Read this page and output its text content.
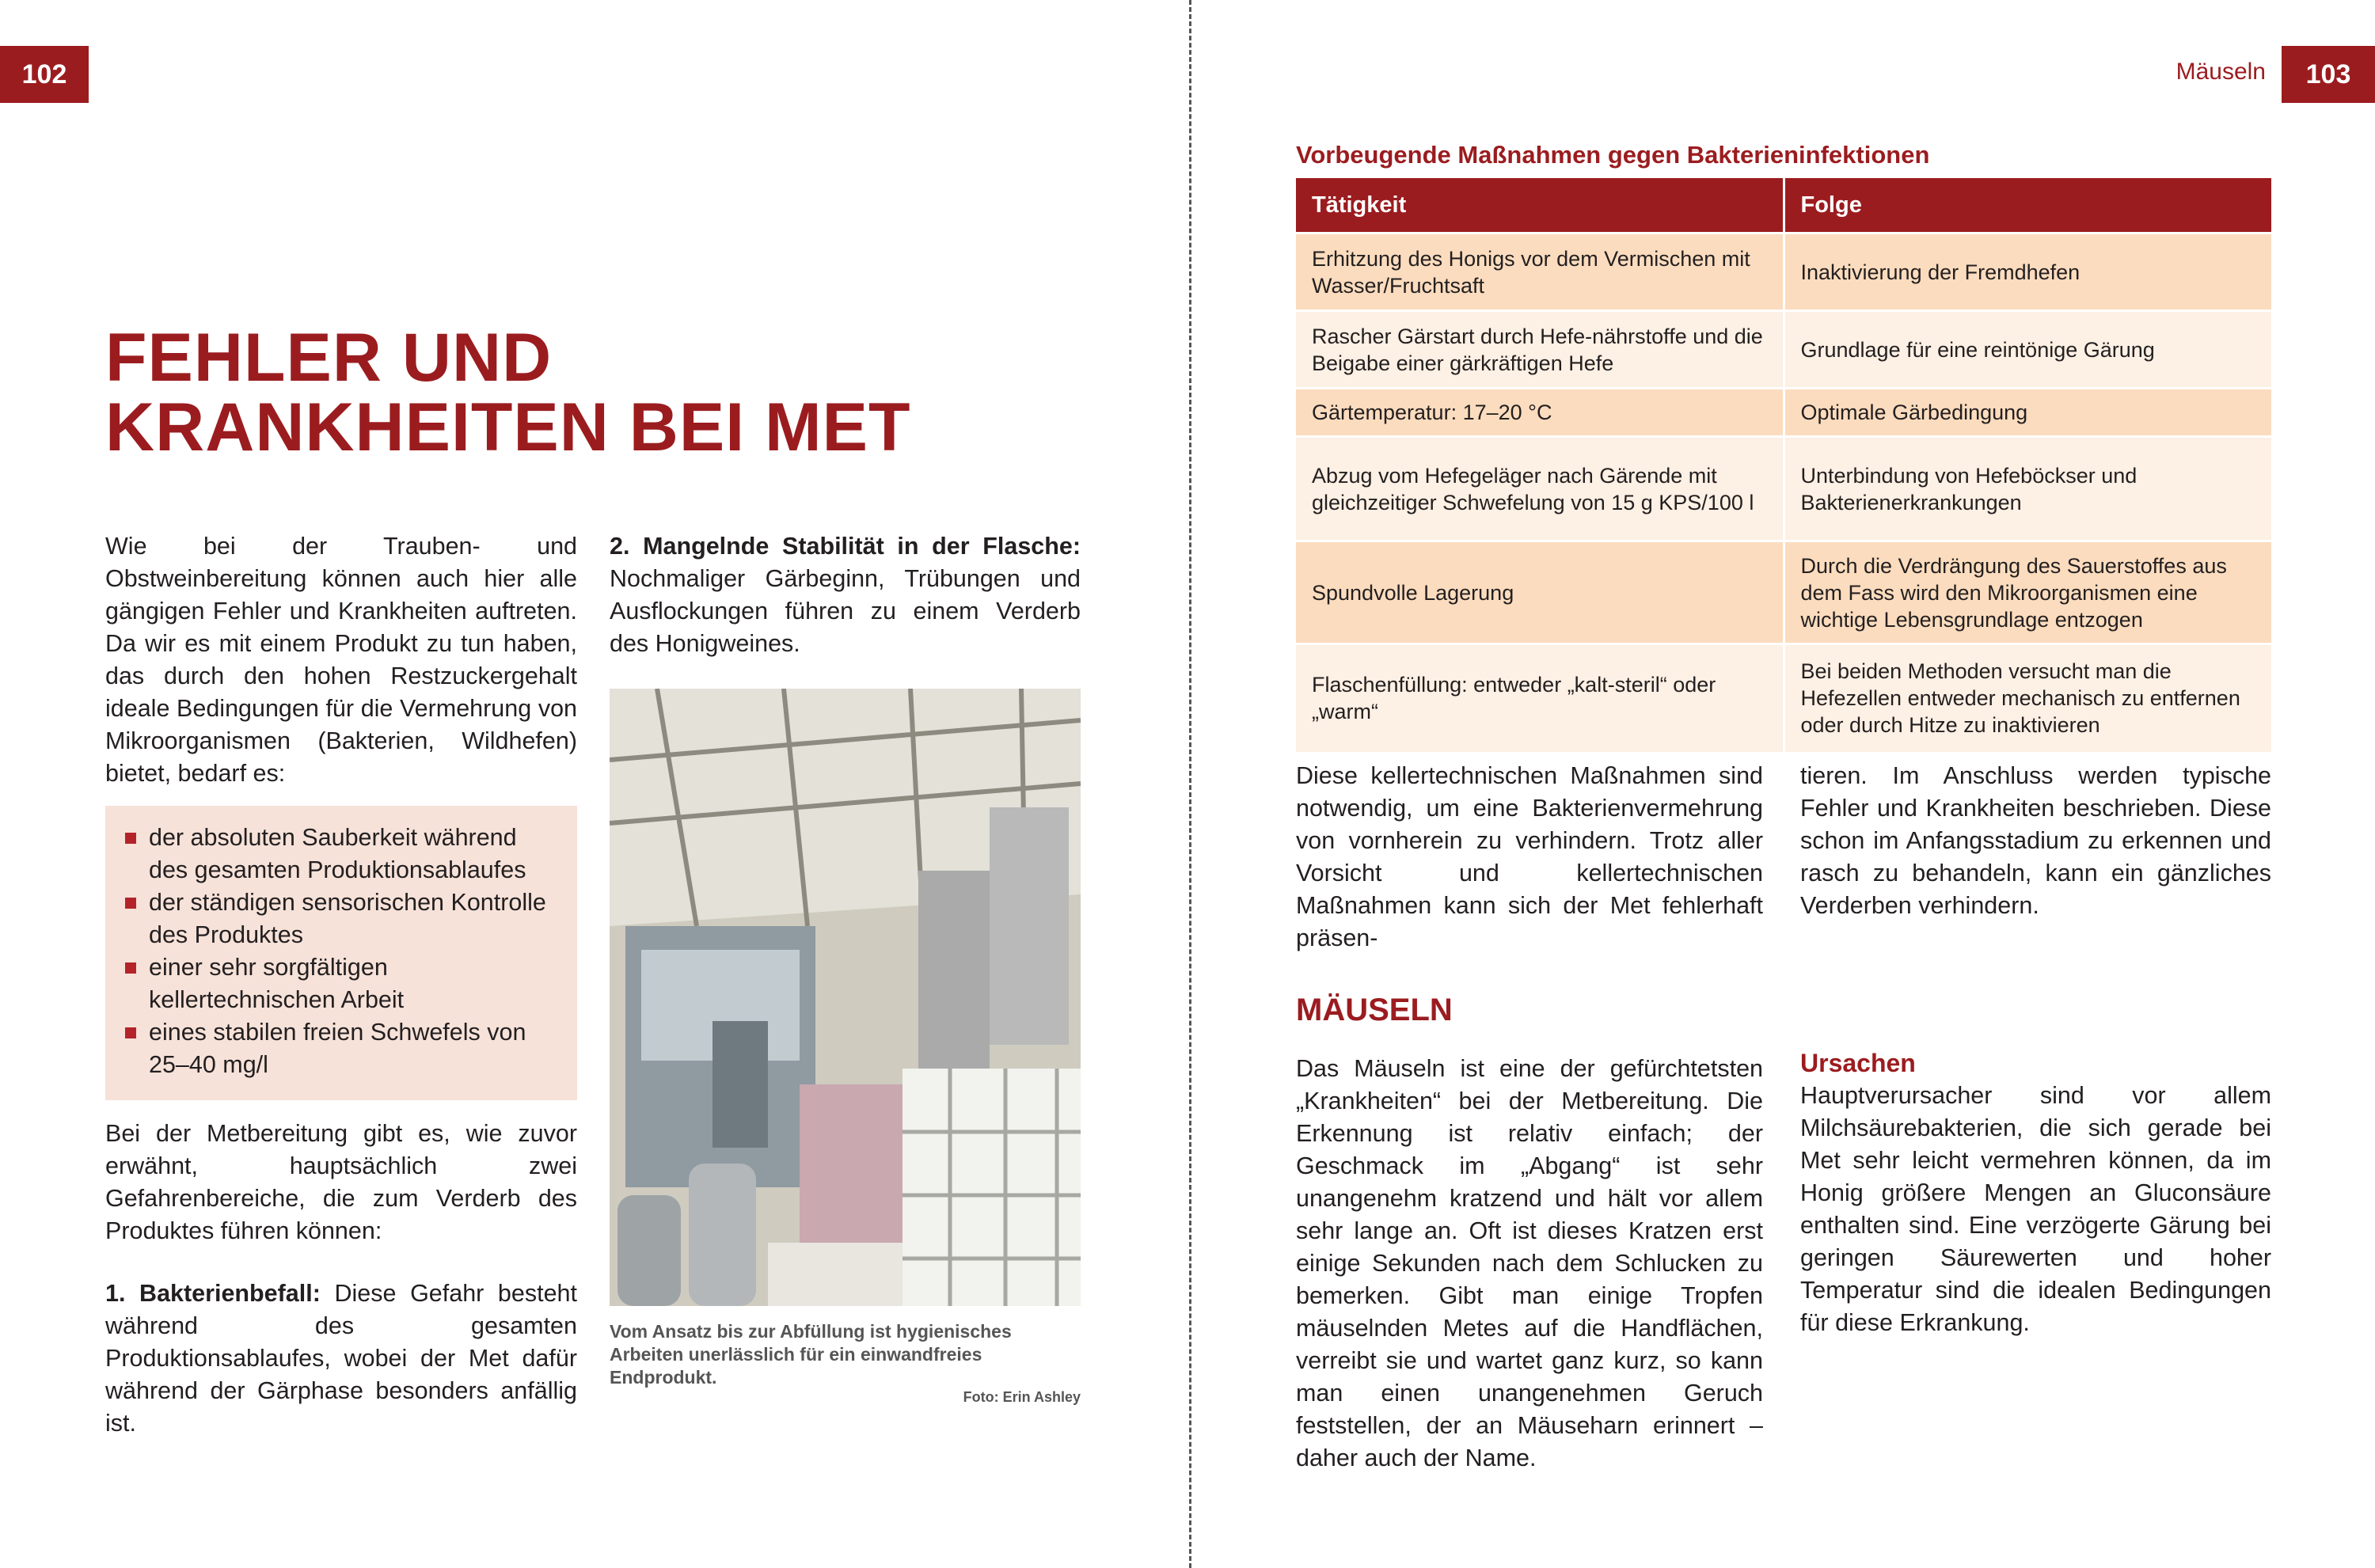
102
FEHLER UND
KRANKHEITEN BEI MET

Wie bei der Trauben- und Obstweinbereitung können auch hier alle gängigen Fehler und Krankheiten auftreten. Da wir es mit einem Produkt zu tun haben, das durch den hohen Restzuckergehalt ideale Bedingungen für die Vermehrung von Mikroorganismen (Bakterien, Wildhefen) bietet, bedarf es:

der absoluten Sauberkeit während des gesamten Produktionsablaufes
der ständigen sensorischen Kontrolle des Produktes
einer sehr sorgfältigen kellertechnischen Arbeit
eines stabilen freien Schwefels von 25–40 mg/l

Bei der Metbereitung gibt es, wie zuvor erwähnt, hauptsächlich zwei Gefahrenbereiche, die zum Verderb des Produktes führen können:

1. Bakterienbefall: Diese Gefahr besteht während des gesamten Produktionsablaufes, wobei der Met dafür während der Gärphase besonders anfällig ist.

2. Mangelnde Stabilität in der Flasche: Nochmaliger Gärbeginn, Trübungen und Ausflockungen führen zu einem Verderb des Honigweines.

Vom Ansatz bis zur Abfüllung ist hygienisches Arbeiten unerlässlich für ein einwandfreies Endprodukt.
Foto: Erin Ashley
Mäuseln	103
Vorbeugende Maßnahmen gegen Bakterieninfektionen
Tätigkeit	Folge
Erhitzung des Honigs vor dem Vermischen mit Wasser/Fruchtsaft	Inaktivierung der Fremdhefen
Rascher Gärstart durch Hefe-nährstoffe und die Beigabe einer gärkräftigen Hefe	Grundlage für eine reintönige Gärung
Gärtemperatur: 17–20 °C	Optimale Gärbedingung
Abzug vom Hefegeläger nach Gärende mit gleichzeitiger Schwefelung von 15 g KPS/100 l	Unterbindung von Hefeböckser und Bakterienerkrankungen
Spundvolle Lagerung	Durch die Verdrängung des Sauerstoffes aus dem Fass wird den Mikroorganismen eine wichtige Lebensgrundlage entzogen
Flaschenfüllung: entweder „kalt-steril“ oder „warm“	Bei beiden Methoden versucht man die Hefezellen entweder mechanisch zu entfernen oder durch Hitze zu inaktivieren

Diese kellertechnischen Maßnahmen sind notwendig, um eine Bakterienvermehrung von vornherein zu verhindern. Trotz aller Vorsicht und kellertechnischen Maßnahmen kann sich der Met fehlerhaft präsen-

tieren. Im Anschluss werden typische Fehler und Krankheiten beschrieben. Diese schon im Anfangsstadium zu erkennen und rasch zu behandeln, kann ein gänzliches Verderben verhindern.

MÄUSELN

Das Mäuseln ist eine der gefürchtetsten „Krankheiten“ bei der Metbereitung. Die Erkennung ist relativ einfach; der Geschmack im „Abgang“ ist sehr unangenehm kratzend und hält vor allem sehr lange an. Oft ist dieses Kratzen erst einige Sekunden nach dem Schlucken zu bemerken. Gibt man einige Tropfen mäuselnden Metes auf die Handflächen, verreibt sie und wartet ganz kurz, so kann man einen unangenehmen Geruch feststellen, der an Mäuseharn erinnert – daher auch der Name.

Ursachen

Hauptverursacher sind vor allem Milchsäurebakterien, die sich gerade bei Met sehr leicht vermehren können, da im Honig größere Mengen an Gluconsäure enthalten sind. Eine verzögerte Gärung bei geringen Säurewerten und hoher Temperatur sind die idealen Bedingungen für diese Erkrankung.
